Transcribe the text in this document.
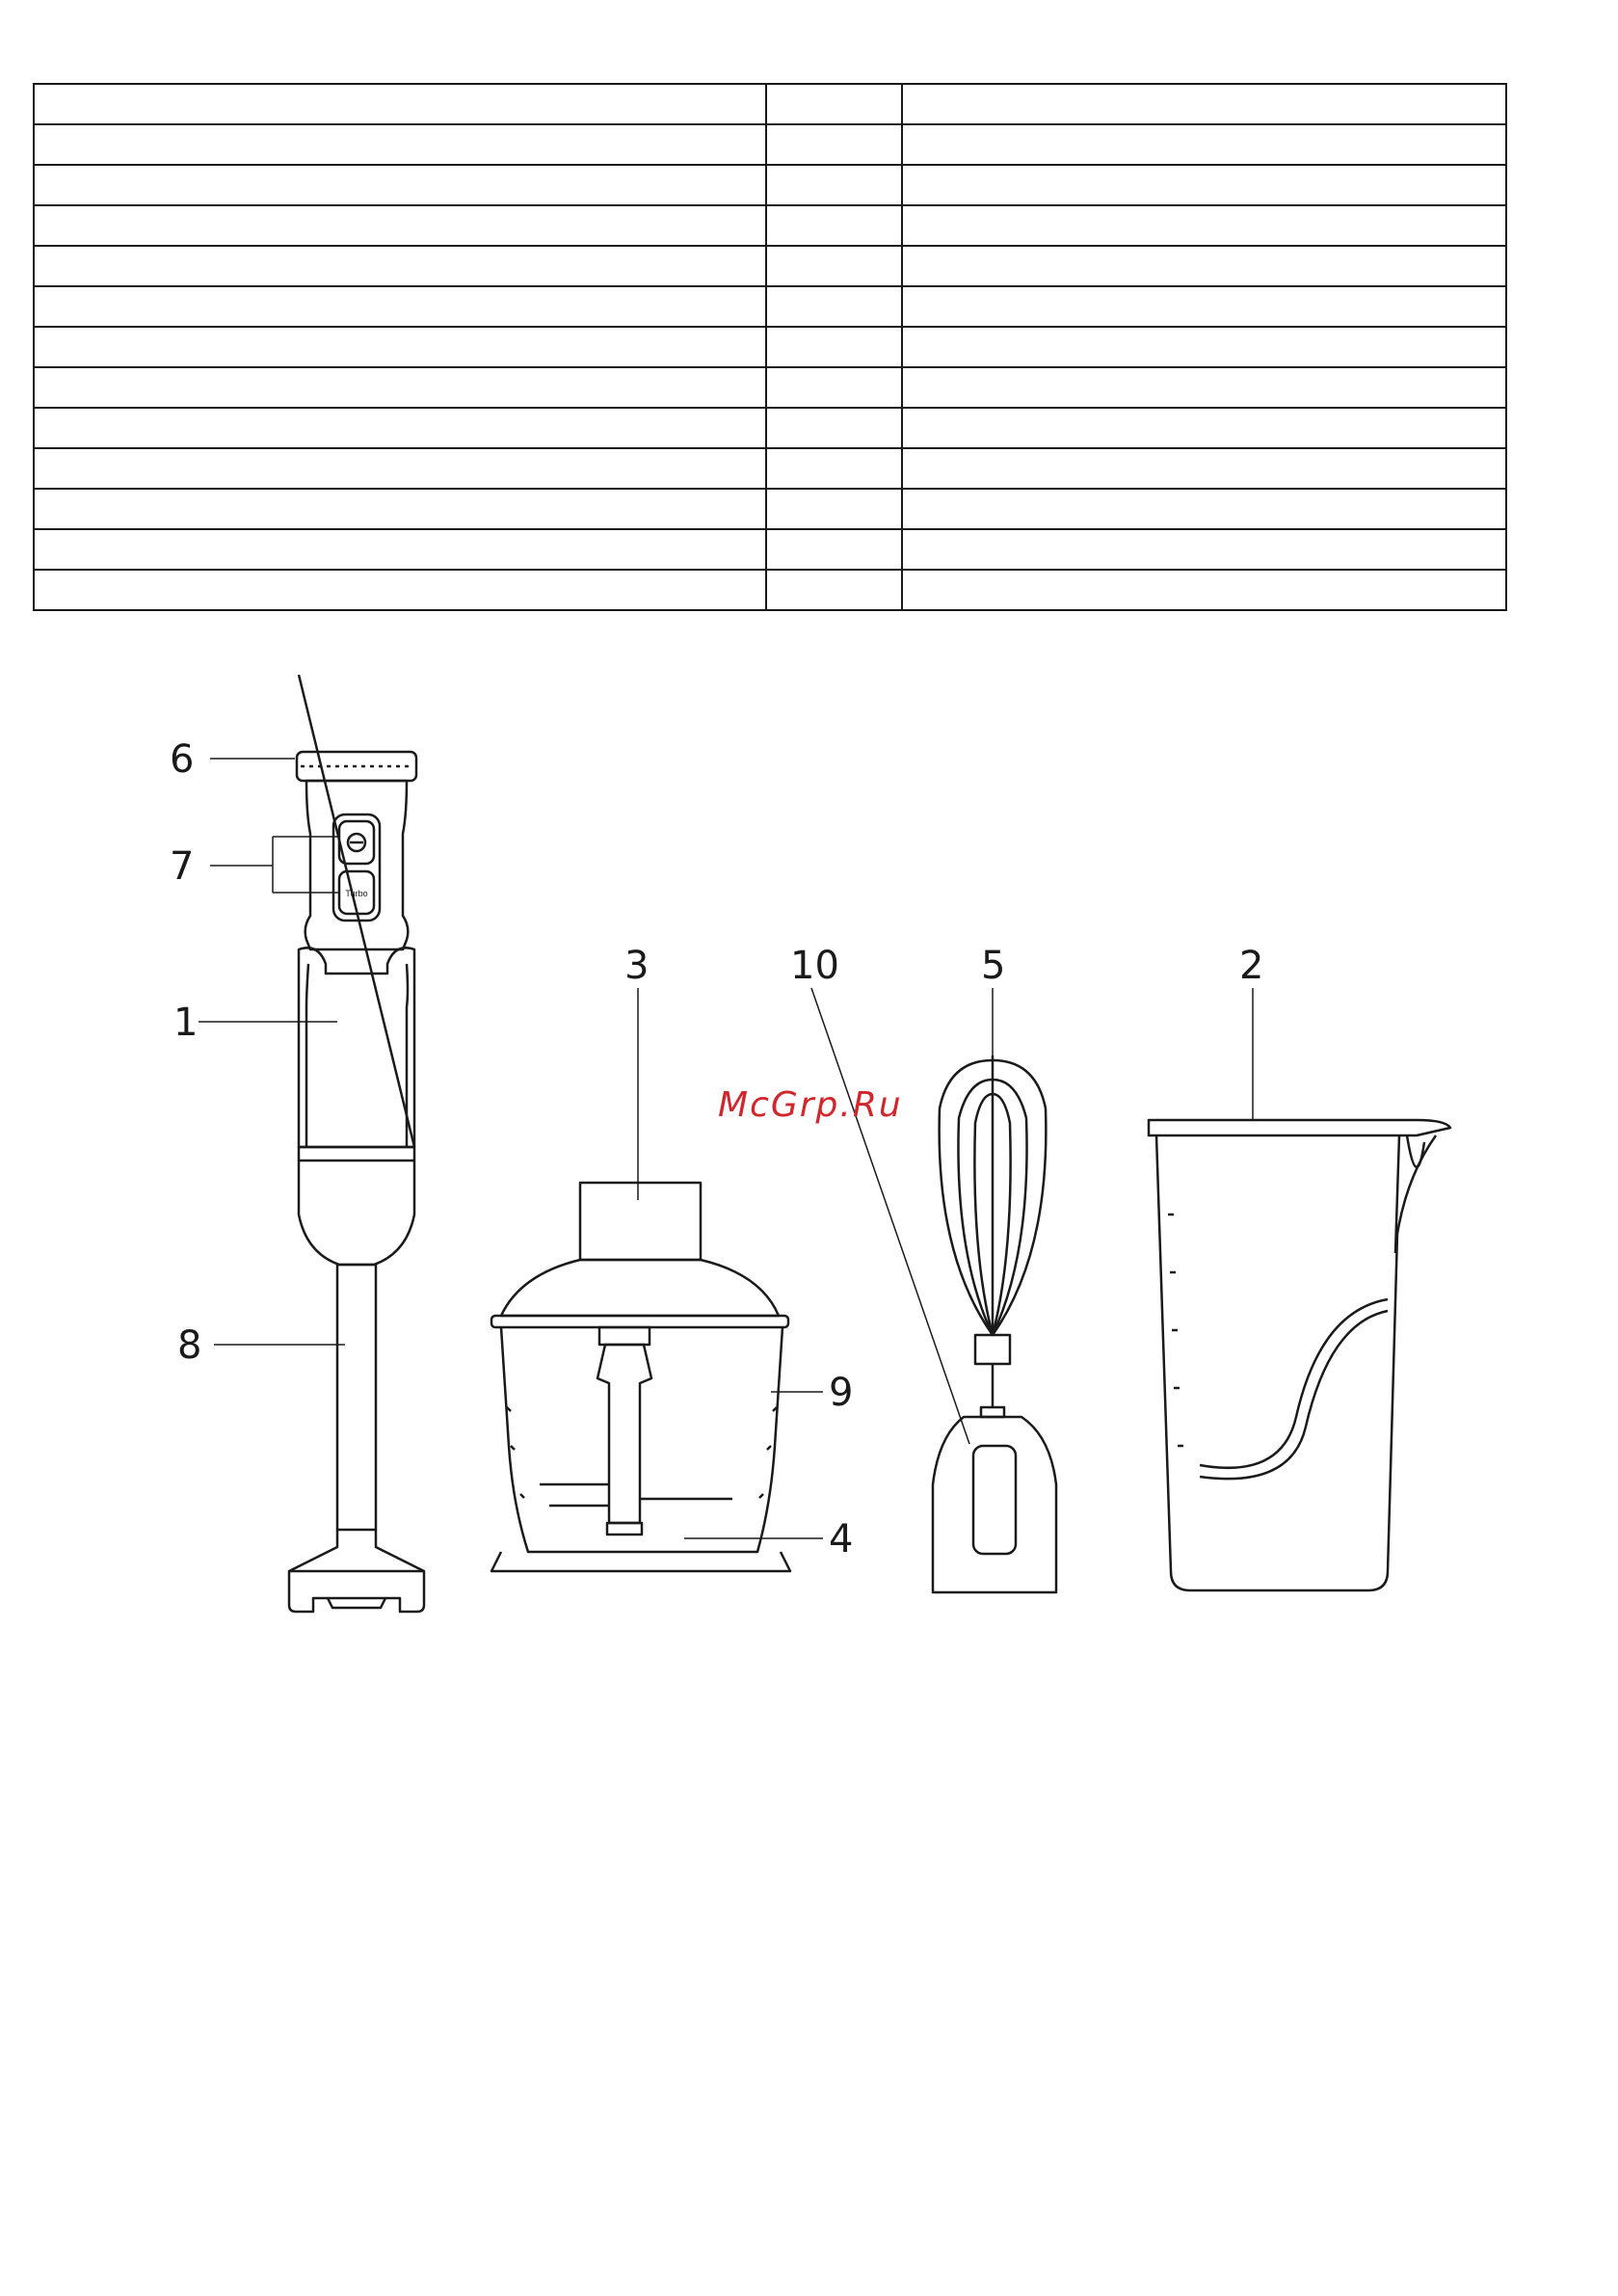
Turbo
6
7
1
3	10	5	2
8
9
4
McGrp.Ru
